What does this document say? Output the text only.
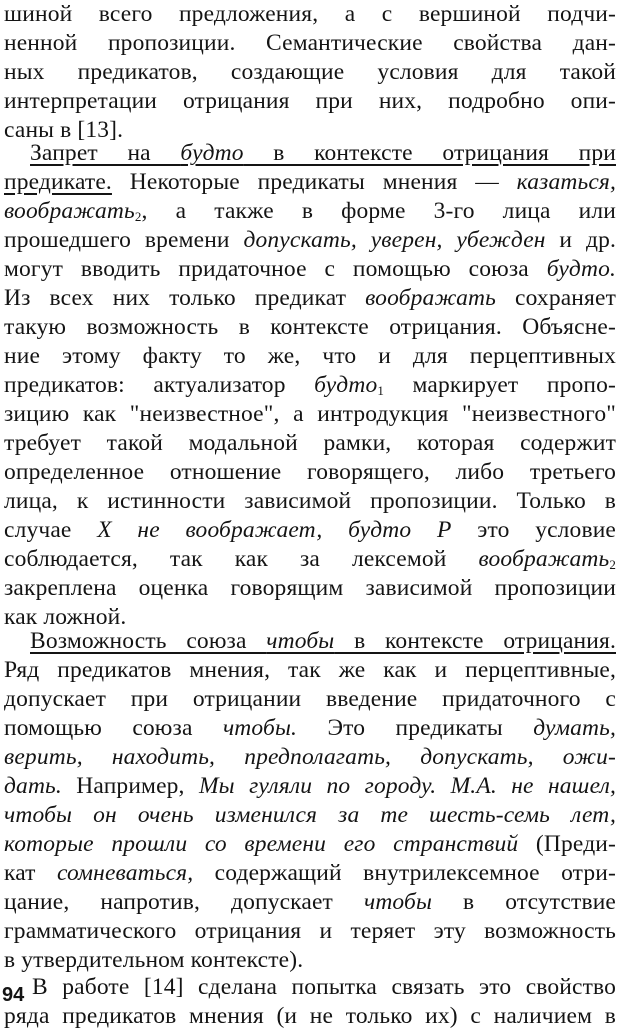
шиной всего предложения, а с вершиной подчи-
ненной пропозиции. Семантические свойства дан-
ных предикатов, создающие условия для такой
интерпретации отрицания при них, подробно опи-
саны в [13].
Запрет на будто в контексте отрицания при
предикате. Некоторые предикаты мнения — казаться,
воображать$_2$, а также в форме 3-го лица или
прошедшего времени допускать, уверен, убежден и др.
могут вводить придаточное с помощью союза будто.
Из всех них только предикат воображать сохраняет
такую возможность в контексте отрицания. Объясне-
ние этому факту то же, что и для перцептивных
предикатов: актуализатор будто$_1$ маркирует пропо-
зицию как "неизвестное", а интродукция "неизвестного"
требует такой модальной рамки, которая содержит
определенное отношение говорящего, либо третьего
лица, к истинности зависимой пропозиции. Только в
случае X не воображает, будто P это условие
соблюдается, так как за лексемой воображать$_2$
закреплена оценка говорящим зависимой пропозиции
как ложной.
Возможность союза чтобы в контексте отрицания.
Ряд предикатов мнения, так же как и перцептивные,
допускает при отрицании введение придаточного с
помощью союза чтобы. Это предикаты думать,
верить, находить, предполагать, допускать, ожи-
дать. Например, Мы гуляли по городу. М.А. не нашел,
чтобы он очень изменился за те шесть-семь лет,
которые прошли со времени его странствий (Преди-
кат сомневаться, содержащий внутрилексемное отри-
цание, напротив, допускает чтобы в отсутствие
грамматического отрицания и теряет эту возможность
в утвердительном контексте).
В работе [14] сделана попытка связать это свойство
ряда предикатов мнения (и не только их) с наличием в
94
